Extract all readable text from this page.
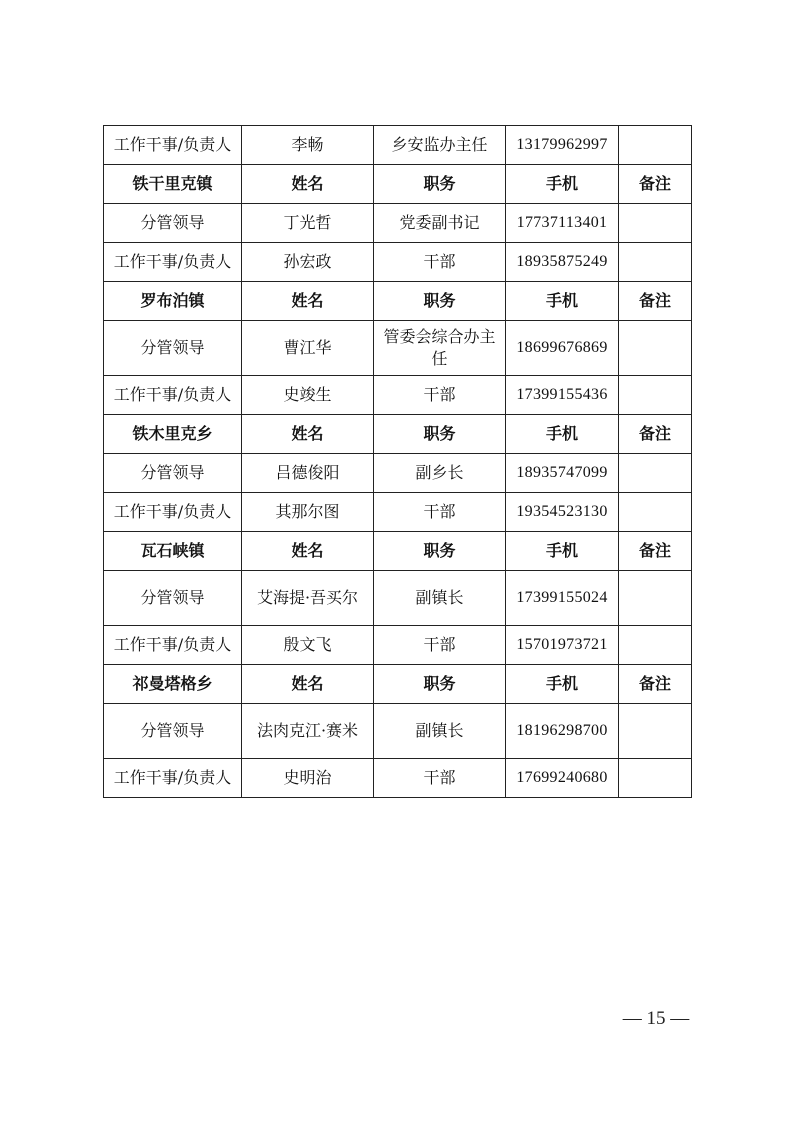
工作干事/负责人	李畅	乡安监办主任	13179962997	
铁干里克镇	姓名	职务	手机	备注
分管领导	丁光哲	党委副书记	17737113401	
工作干事/负责人	孙宏政	干部	18935875249	
罗布泊镇	姓名	职务	手机	备注
分管领导	曹江华	管委会综合办主任	18699676869	
工作干事/负责人	史竣生	干部	17399155436	
铁木里克乡	姓名	职务	手机	备注
分管领导	吕德俊阳	副乡长	18935747099	
工作干事/负责人	其那尔图	干部	19354523130	
瓦石峡镇	姓名	职务	手机	备注
分管领导	艾海提·吾买尔	副镇长	17399155024	
工作干事/负责人	殷文飞	干部	15701973721	
祁曼塔格乡	姓名	职务	手机	备注
分管领导	法肉克江·赛米	副镇长	18196298700	
工作干事/负责人	史明治	干部	17699240680	
— 15 —
